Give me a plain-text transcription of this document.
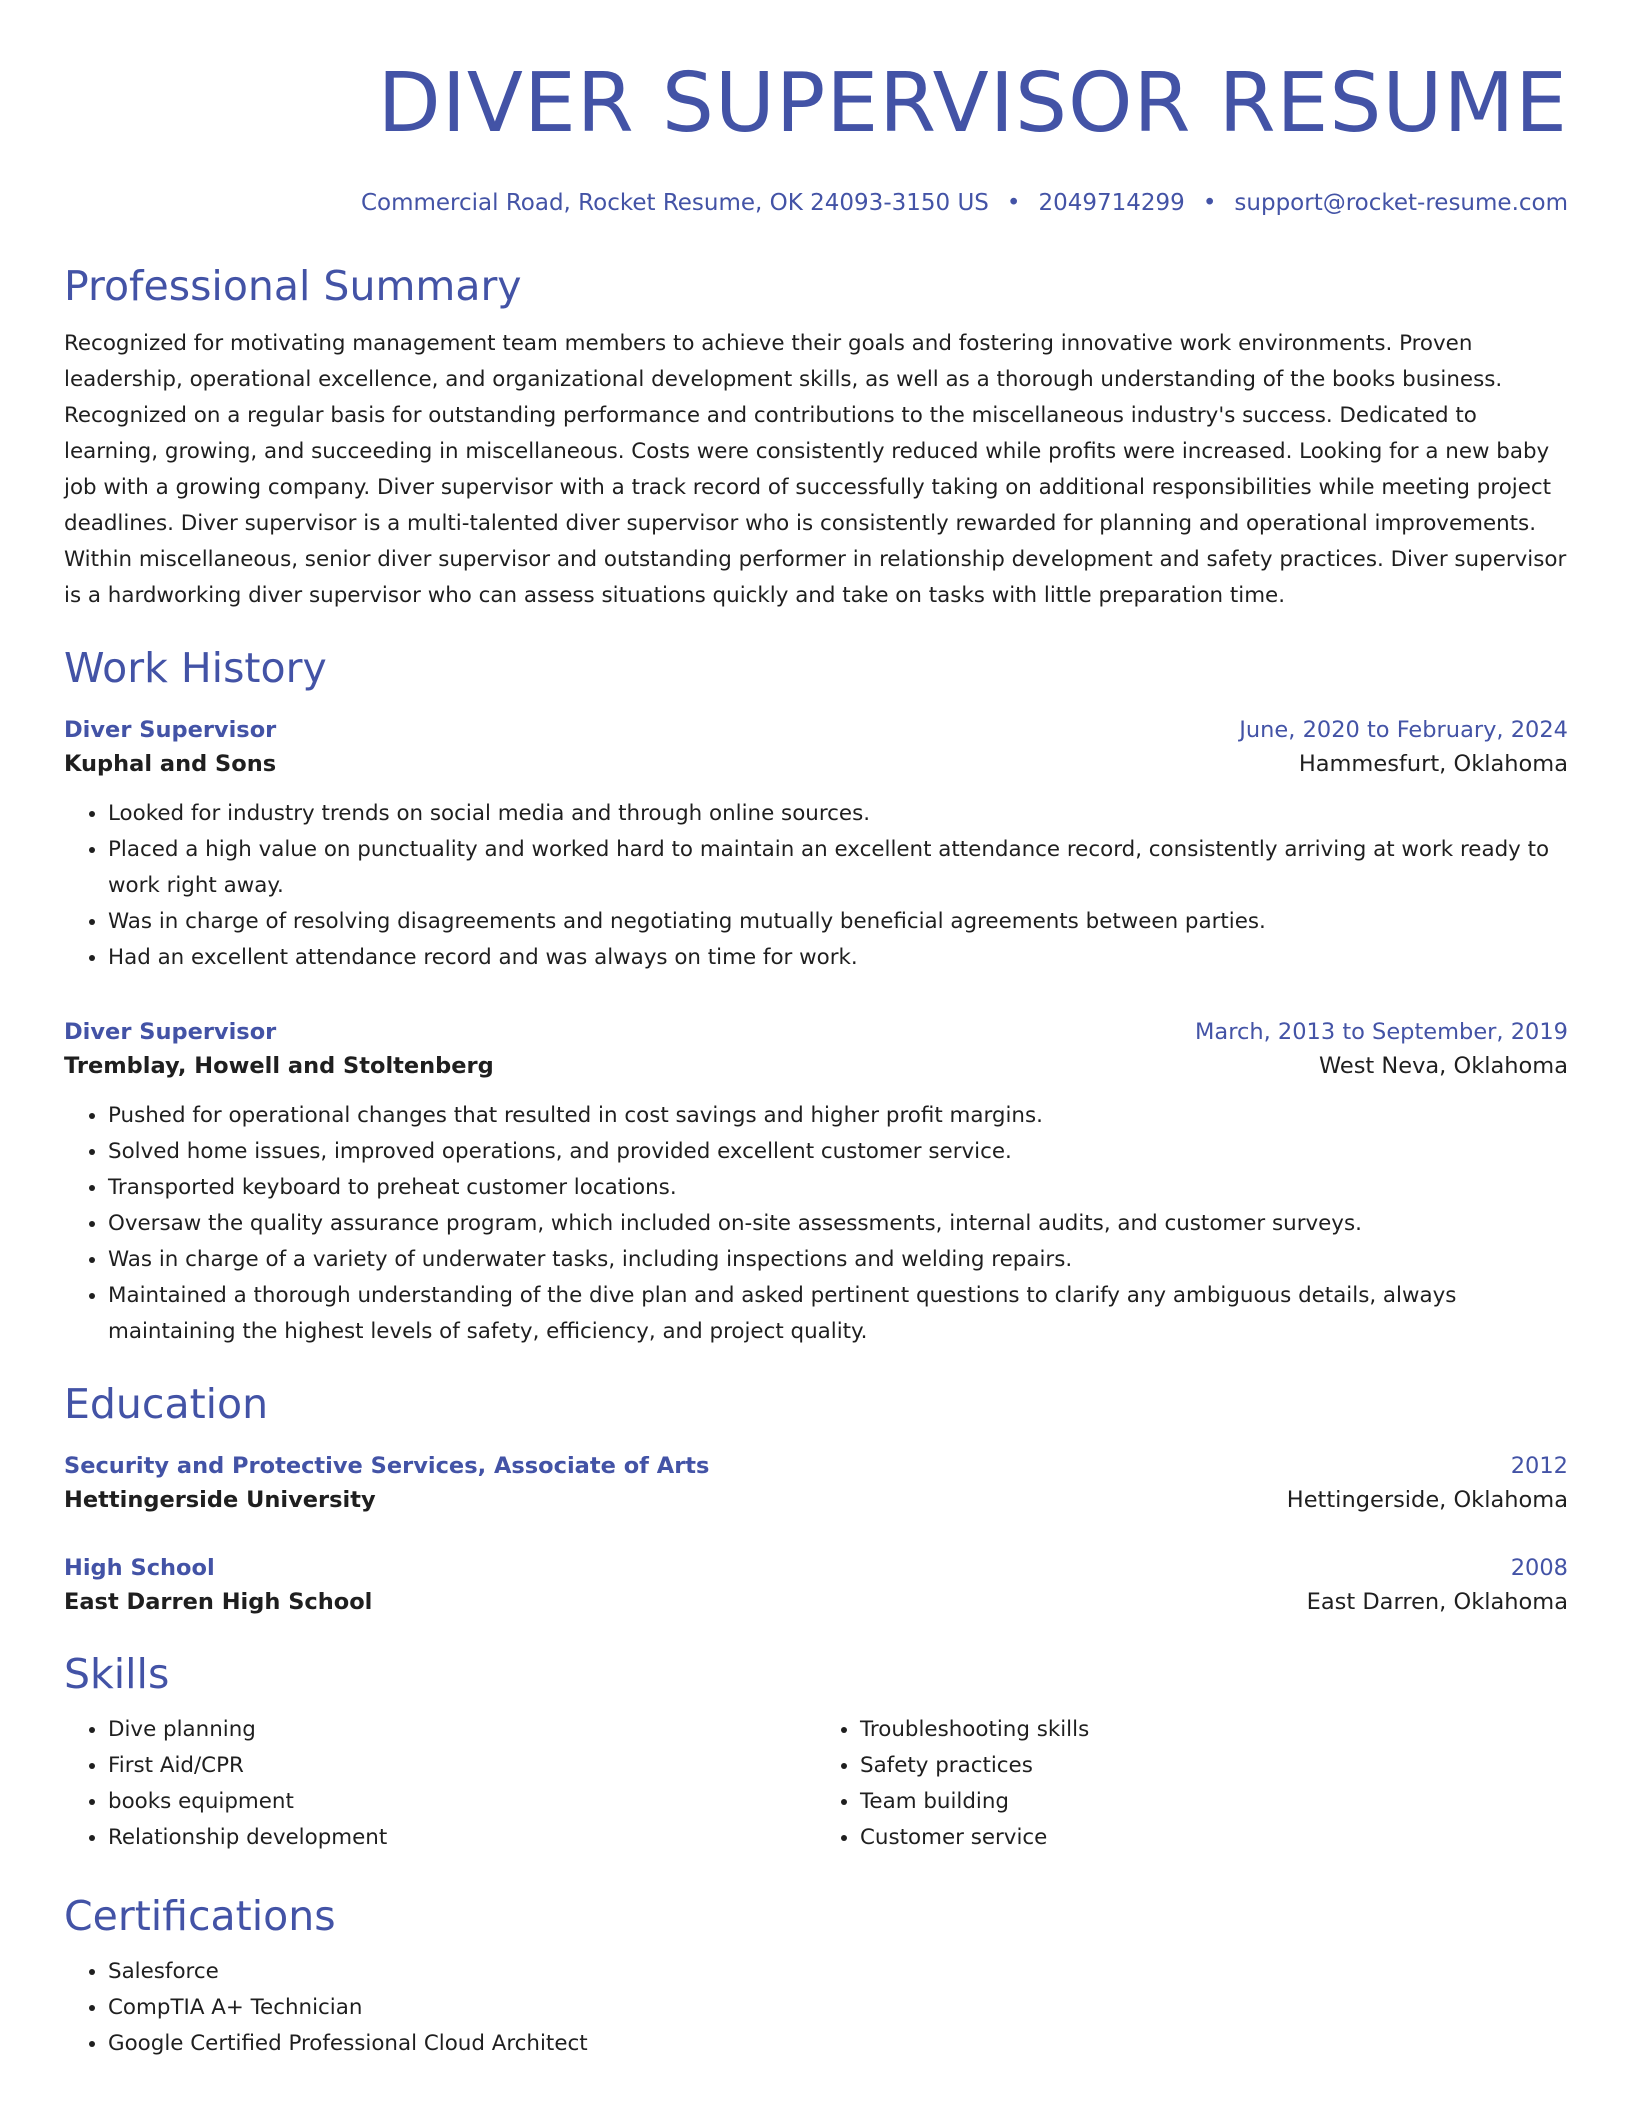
DIVER SUPERVISOR RESUME
Commercial Road, Rocket Resume, OK 24093-3150 US • 2049714299 • support@rocket-resume.com
Professional Summary
Recognized for motivating management team members to achieve their goals and fostering innovative work environments. Proven leadership, operational excellence, and organizational development skills, as well as a thorough understanding of the books business. Recognized on a regular basis for outstanding performance and contributions to the miscellaneous industry's success. Dedicated to learning, growing, and succeeding in miscellaneous. Costs were consistently reduced while profits were increased. Looking for a new baby job with a growing company. Diver supervisor with a track record of successfully taking on additional responsibilities while meeting project deadlines. Diver supervisor is a multi-talented diver supervisor who is consistently rewarded for planning and operational improvements. Within miscellaneous, senior diver supervisor and outstanding performer in relationship development and safety practices. Diver supervisor is a hardworking diver supervisor who can assess situations quickly and take on tasks with little preparation time.
Work History
Diver Supervisor	June, 2020 to February, 2024
Kuphal and Sons	Hammesfurt, Oklahoma
• Looked for industry trends on social media and through online sources.
• Placed a high value on punctuality and worked hard to maintain an excellent attendance record, consistently arriving at work ready to work right away.
• Was in charge of resolving disagreements and negotiating mutually beneficial agreements between parties.
• Had an excellent attendance record and was always on time for work.
Diver Supervisor	March, 2013 to September, 2019
Tremblay, Howell and Stoltenberg	West Neva, Oklahoma
• Pushed for operational changes that resulted in cost savings and higher profit margins.
• Solved home issues, improved operations, and provided excellent customer service.
• Transported keyboard to preheat customer locations.
• Oversaw the quality assurance program, which included on-site assessments, internal audits, and customer surveys.
• Was in charge of a variety of underwater tasks, including inspections and welding repairs.
• Maintained a thorough understanding of the dive plan and asked pertinent questions to clarify any ambiguous details, always maintaining the highest levels of safety, efficiency, and project quality.
Education
Security and Protective Services, Associate of Arts	2012
Hettingerside University	Hettingerside, Oklahoma
High School	2008
East Darren High School	East Darren, Oklahoma
Skills
• Dive planning
• First Aid/CPR
• books equipment
• Relationship development
• Troubleshooting skills
• Safety practices
• Team building
• Customer service
Certifications
• Salesforce
• CompTIA A+ Technician
• Google Certified Professional Cloud Architect
